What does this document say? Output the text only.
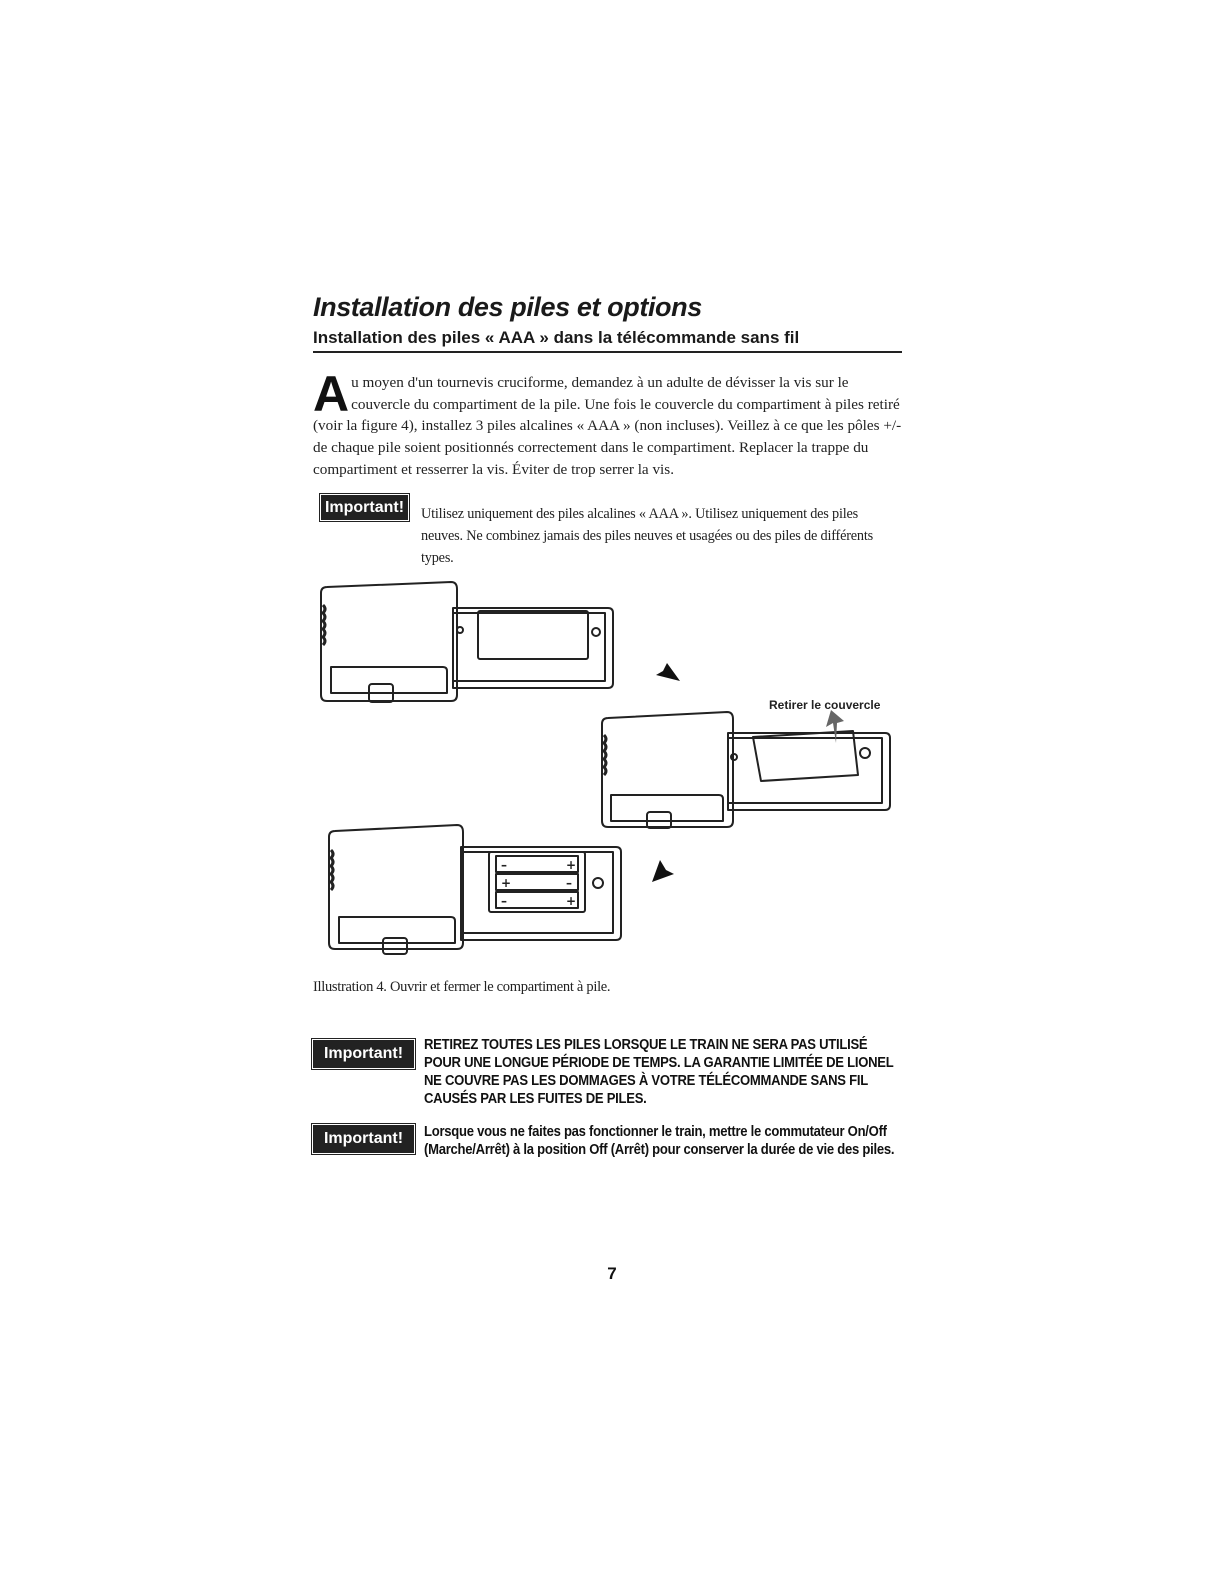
Installation des piles et options
Installation des piles « AAA » dans la télécommande sans fil

Au moyen d'un tournevis cruciforme, demandez à un adulte de dévisser la vis sur le couvercle du compartiment de la pile. Une fois le couvercle du compartiment à piles retiré (voir la figure 4), installez 3 piles alcalines « AAA » (non incluses). Veillez à ce que les pôles +/- de chaque pile soient positionnés correctement dans le compartiment. Replacer la trappe du compartiment et resserrer la vis. Éviter de trop serrer la vis.

Important! Utilisez uniquement des piles alcalines « AAA ». Utilisez uniquement des piles neuves. Ne combinez jamais des piles neuves et usagées ou des piles de différents types.

–	+
+	–
–	+
Retirer le couvercle

Illustration 4. Ouvrir et fermer le compartiment à pile.

Important!

RETIREZ TOUTES LES PILES LORSQUE LE TRAIN NE SERA PAS UTILISÉ POUR UNE LONGUE PÉRIODE DE TEMPS. LA GARANTIE LIMITÉE DE LIONEL NE COUVRE PAS LES DOMMAGES À VOTRE TÉLÉCOMMANDE SANS FIL CAUSÉS PAR LES FUITES DE PILES.

Important!	Lorsque vous ne faites pas fonctionner le train, mettre le commutateur On/Off (Marche/Arrêt) à la position Off (Arrêt) pour conserver la durée de vie des piles.

7
